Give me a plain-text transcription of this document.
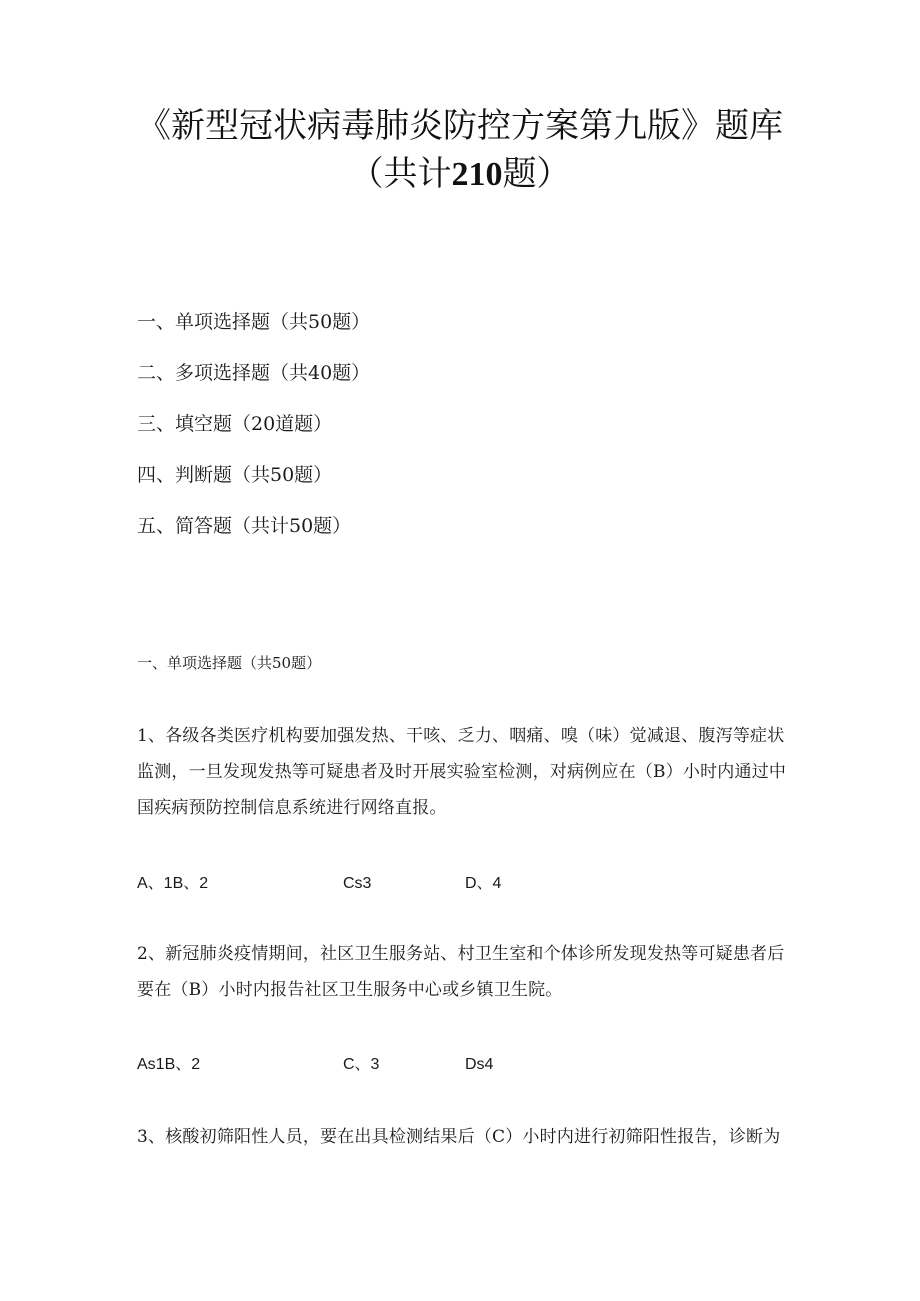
《新型冠状病毒肺炎防控方案第九版》题库
（共计210题）
一、单项选择题（共50题）
二、多项选择题（共40题）
三、填空题（20道题）
四、判断题（共50题）
五、简答题（共计50题）
一、单项选择题（共50题）
1、各级各类医疗机构要加强发热、干咳、乏力、咽痛、嗅（味）觉减退、腹泻等症状
监测，一旦发现发热等可疑患者及时开展实验室检测，对病例应在（B）小时内通过中
国疾病预防控制信息系统进行网络直报。
A、1B、2	Cs3	D、4
2、新冠肺炎疫情期间，社区卫生服务站、村卫生室和个体诊所发现发热等可疑患者后
要在（B）小时内报告社区卫生服务中心或乡镇卫生院。
As1B、2	C、3	Ds4
3、核酸初筛阳性人员，要在出具检测结果后（C）小时内进行初筛阳性报告，诊断为
